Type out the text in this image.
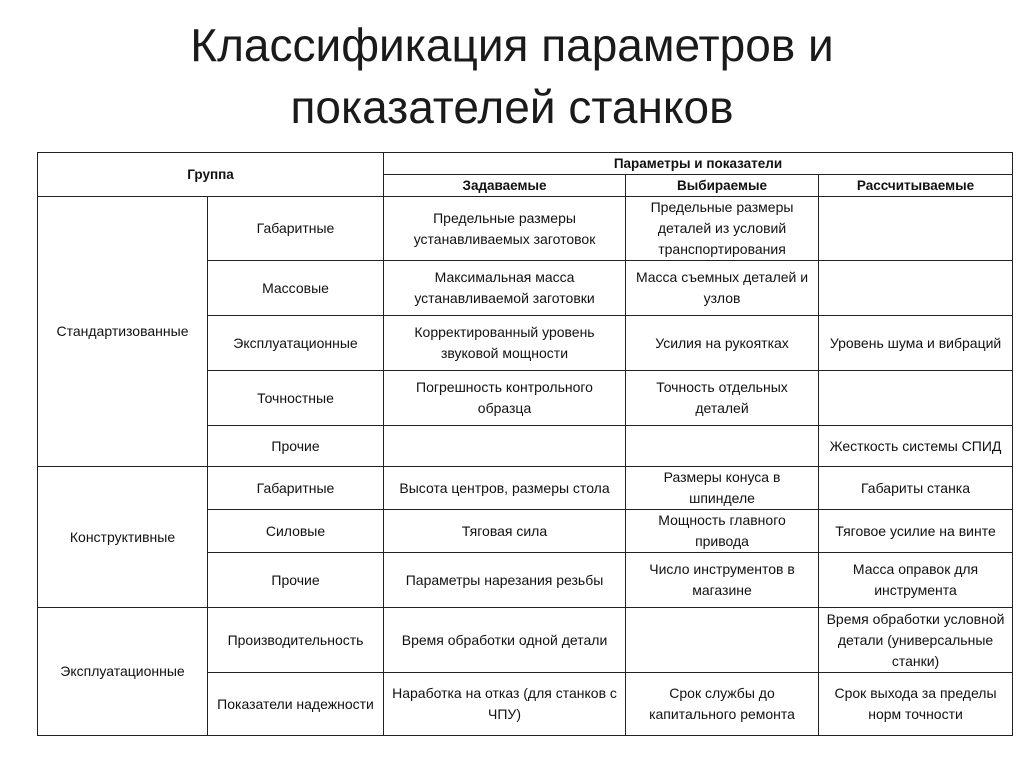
Классификация параметров и
показателей станков
Группа		Параметры и показатели		
		Задаваемые	Выбираемые	Рассчитываемые
Стандартизованные	Габаритные	Предельные размеры устанавливаемых заготовок	Предельные размеры деталей из условий транспортирования	
	Массовые	Максимальная масса устанавливаемой заготовки	Масса съемных деталей и узлов	
	Эксплуатационные	Корректированный уровень звуковой мощности	Усилия на рукоятках	Уровень шума и вибраций
	Точностные	Погрешность контрольного образца	Точность отдельных деталей	
	Прочие			Жесткость системы СПИД
Конструктивные	Габаритные	Высота центров, размеры стола	Размеры конуса в шпинделе	Габариты станка
	Силовые	Тяговая сила	Мощность главного привода	Тяговое усилие на винте
	Прочие	Параметры нарезания резьбы	Число инструментов в магазине	Масса оправок для инструмента
Эксплуатационные	Производительность	Время обработки одной детали		Время обработки условной детали (универсальные станки)
	Показатели надежности	Наработка на отказ (для станков с ЧПУ)	Срок службы до капитального ремонта	Срок выхода за пределы норм точности
